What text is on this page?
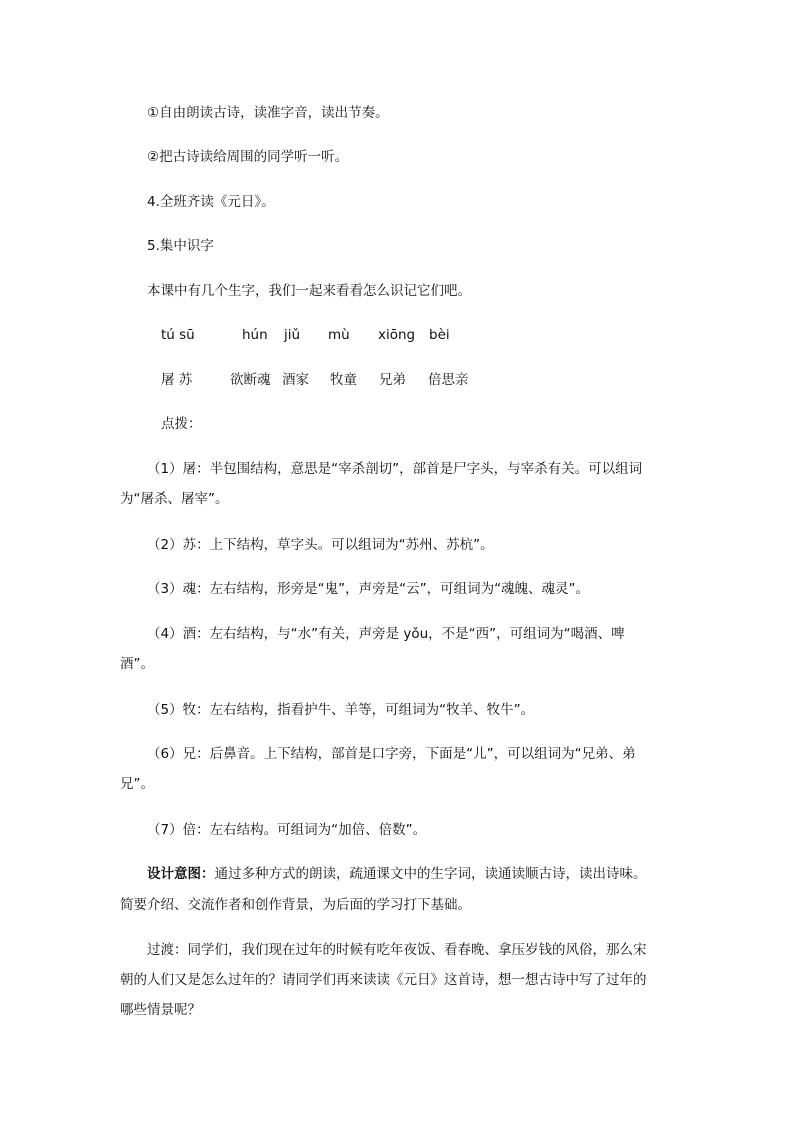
①自由朗读古诗，读准字音，读出节奏。
②把古诗读给周围的同学听一听。
4.全班齐读《元日》。
5.集中识字
本课中有几个生字，我们一起来看看怎么识记它们吧。
tú sū	hún jiǔ mù xiōng bèi
屠 苏	欲断魂 酒家 牧童 兄弟 倍思亲
点拨：
（1）屠：半包围结构，意思是“宰杀剖切”，部首是尸字头，与宰杀有关。可以组词
为“屠杀、屠宰”。
（2）苏：上下结构，草字头。可以组词为“苏州、苏杭”。
（3）魂：左右结构，形旁是“鬼”，声旁是“云”，可组词为“魂魄、魂灵”。
（4）酒：左右结构，与“水”有关，声旁是 yǒu，不是“西”，可组词为“喝酒、啤
酒”。
（5）牧：左右结构，指看护牛、羊等，可组词为“牧羊、牧牛”。
（6）兄：后鼻音。上下结构，部首是口字旁，下面是“儿”，可以组词为“兄弟、弟
兄”。
（7）倍：左右结构。可组词为“加倍、倍数”。
设计意图：通过多种方式的朗读，疏通课文中的生字词，读通读顺古诗，读出诗味。
简要介绍、交流作者和创作背景，为后面的学习打下基础。
过渡：同学们，我们现在过年的时候有吃年夜饭、看春晚、拿压岁钱的风俗，那么宋
朝的人们又是怎么过年的？请同学们再来读读《元日》这首诗，想一想古诗中写了过年的
哪些情景呢？
